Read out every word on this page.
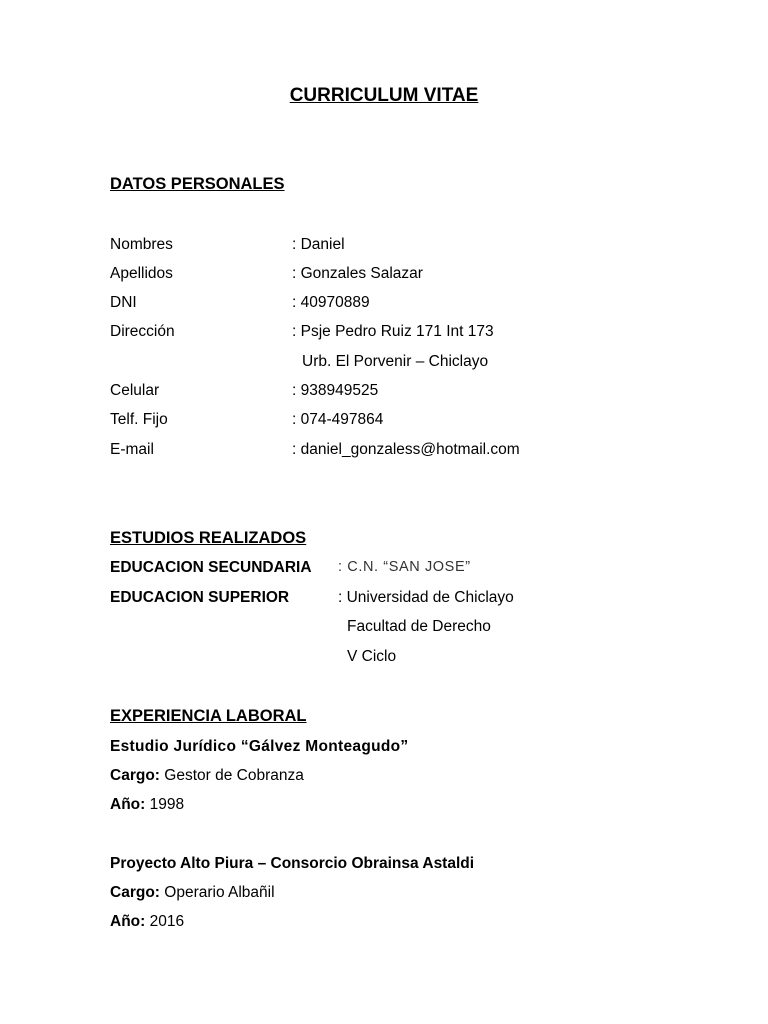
CURRICULUM VITAE
DATOS PERSONALES
Nombres	: Daniel
Apellidos	: Gonzales Salazar
DNI	: 40970889
Dirección	: Psje Pedro Ruiz 171 Int 173
Urb. El Porvenir – Chiclayo
Celular	: 938949525
Telf. Fijo	: 074-497864
E-mail	: daniel_gonzaless@hotmail.com
ESTUDIOS REALIZADOS
EDUCACION SECUNDARIA : C.N. “SAN JOSE”
EDUCACION SUPERIOR	: Universidad de Chiclayo
Facultad de Derecho
V Ciclo
EXPERIENCIA LABORAL
Estudio Jurídico “Gálvez Monteagudo”
Cargo: Gestor de Cobranza
Año: 1998
Proyecto Alto Piura – Consorcio Obrainsa Astaldi
Cargo: Operario Albañil
Año: 2016
